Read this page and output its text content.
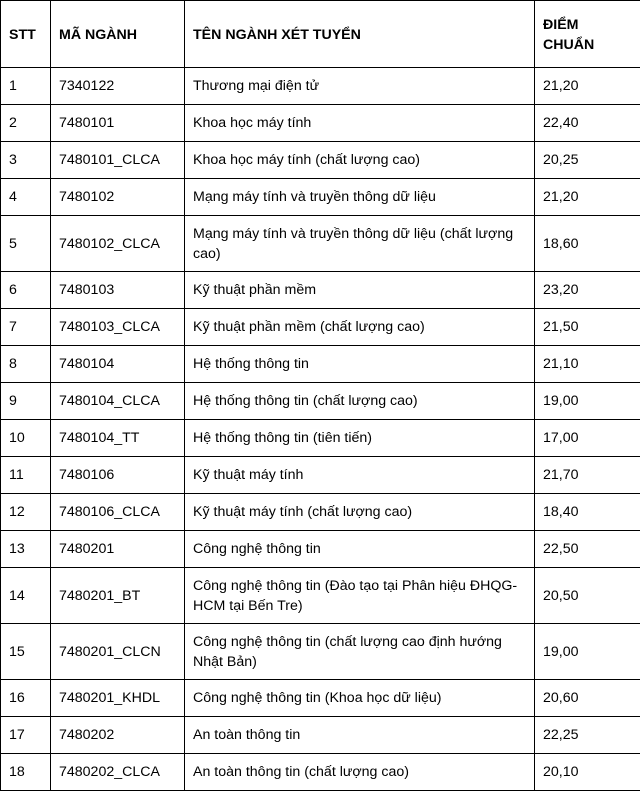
STT	MÃ NGÀNH	TÊN NGÀNH XÉT TUYỂN	ĐIỂM
CHUẨN
1	7340122	Thương mại điện tử	21,20
2	7480101	Khoa học máy tính	22,40
3	7480101_CLCA	Khoa học máy tính (chất lượng cao)	20,25
4	7480102	Mạng máy tính và truyền thông dữ liệu	21,20
5	7480102_CLCA	Mạng máy tính và truyền thông dữ liệu (chất lượng cao)	18,60
6	7480103	Kỹ thuật phần mềm	23,20
7	7480103_CLCA	Kỹ thuật phần mềm (chất lượng cao)	21,50
8	7480104	Hệ thống thông tin	21,10
9	7480104_CLCA	Hệ thống thông tin (chất lượng cao)	19,00
10	7480104_TT	Hệ thống thông tin (tiên tiến)	17,00
11	7480106	Kỹ thuật máy tính	21,70
12	7480106_CLCA	Kỹ thuật máy tính (chất lượng cao)	18,40
13	7480201	Công nghệ thông tin	22,50
14	7480201_BT	Công nghệ thông tin (Đào tạo tại Phân hiệu ĐHQG-HCM tại Bến Tre)	20,50
15	7480201_CLCN	Công nghệ thông tin (chất lượng cao định hướng Nhật Bản)	19,00
16	7480201_KHDL	Công nghệ thông tin (Khoa học dữ liệu)	20,60
17	7480202	An toàn thông tin	22,25
18	7480202_CLCA	An toàn thông tin (chất lượng cao)	20,10
